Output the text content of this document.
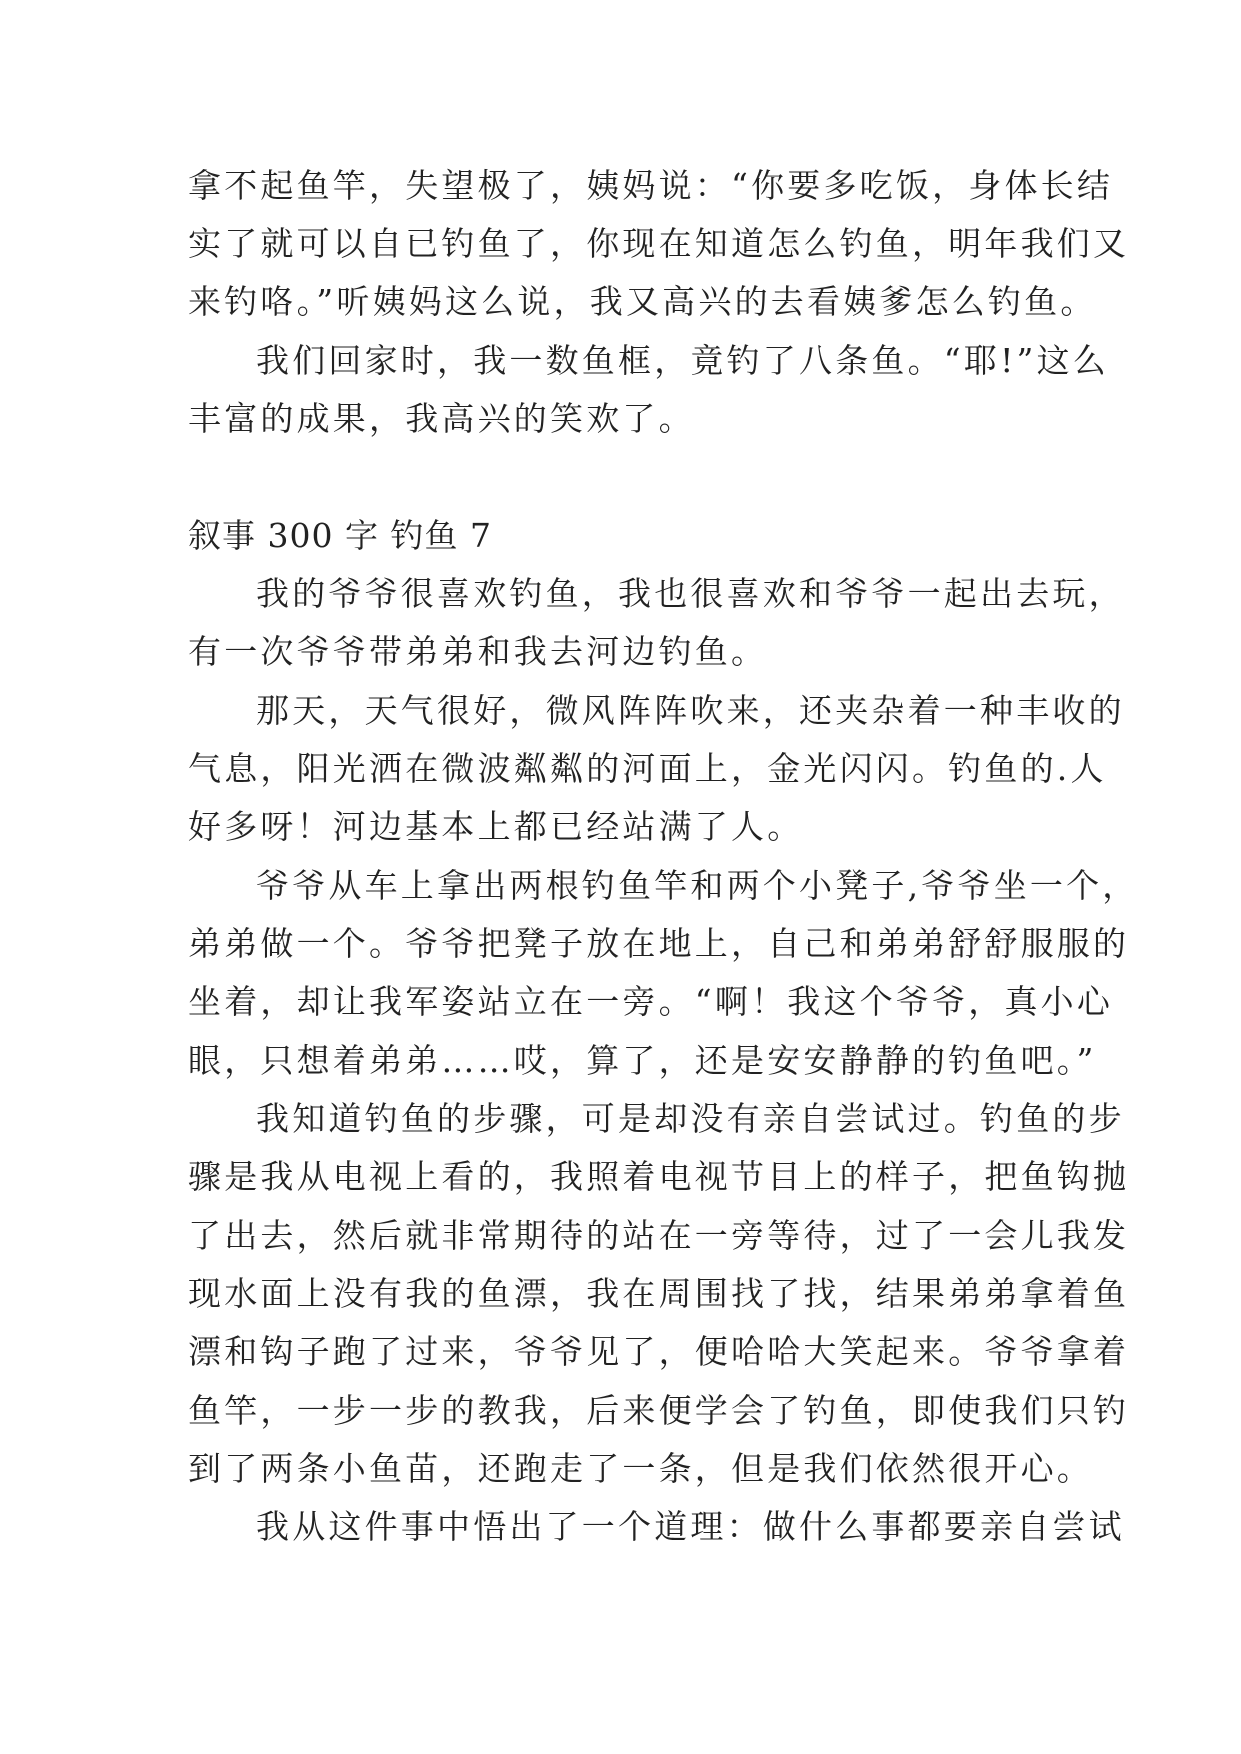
拿不起鱼竿，失望极了，姨妈说：“你要多吃饭，身体长结
实了就可以自已钓鱼了，你现在知道怎么钓鱼，明年我们又
来钓咯。”听姨妈这么说，我又高兴的去看姨爹怎么钓鱼。
我们回家时，我一数鱼框，竟钓了八条鱼。“耶!”这么
丰富的成果，我高兴的笑欢了。
叙事 300 字 钓鱼 7
我的爷爷很喜欢钓鱼，我也很喜欢和爷爷一起出去玩，
有一次爷爷带弟弟和我去河边钓鱼。
那天，天气很好，微风阵阵吹来，还夹杂着一种丰收的
气息，阳光洒在微波粼粼的河面上，金光闪闪。钓鱼的.人
好多呀！河边基本上都已经站满了人。
爷爷从车上拿出两根钓鱼竿和两个小凳子,爷爷坐一个，
弟弟做一个。爷爷把凳子放在地上，自己和弟弟舒舒服服的
坐着，却让我军姿站立在一旁。“啊！我这个爷爷，真小心
眼，只想着弟弟……哎，算了，还是安安静静的钓鱼吧。”
我知道钓鱼的步骤，可是却没有亲自尝试过。钓鱼的步
骤是我从电视上看的，我照着电视节目上的样子，把鱼钩抛
了出去，然后就非常期待的站在一旁等待，过了一会儿我发
现水面上没有我的鱼漂，我在周围找了找，结果弟弟拿着鱼
漂和钩子跑了过来，爷爷见了，便哈哈大笑起来。爷爷拿着
鱼竿，一步一步的教我，后来便学会了钓鱼，即使我们只钓
到了两条小鱼苗，还跑走了一条，但是我们依然很开心。
我从这件事中悟出了一个道理：做什么事都要亲自尝试
